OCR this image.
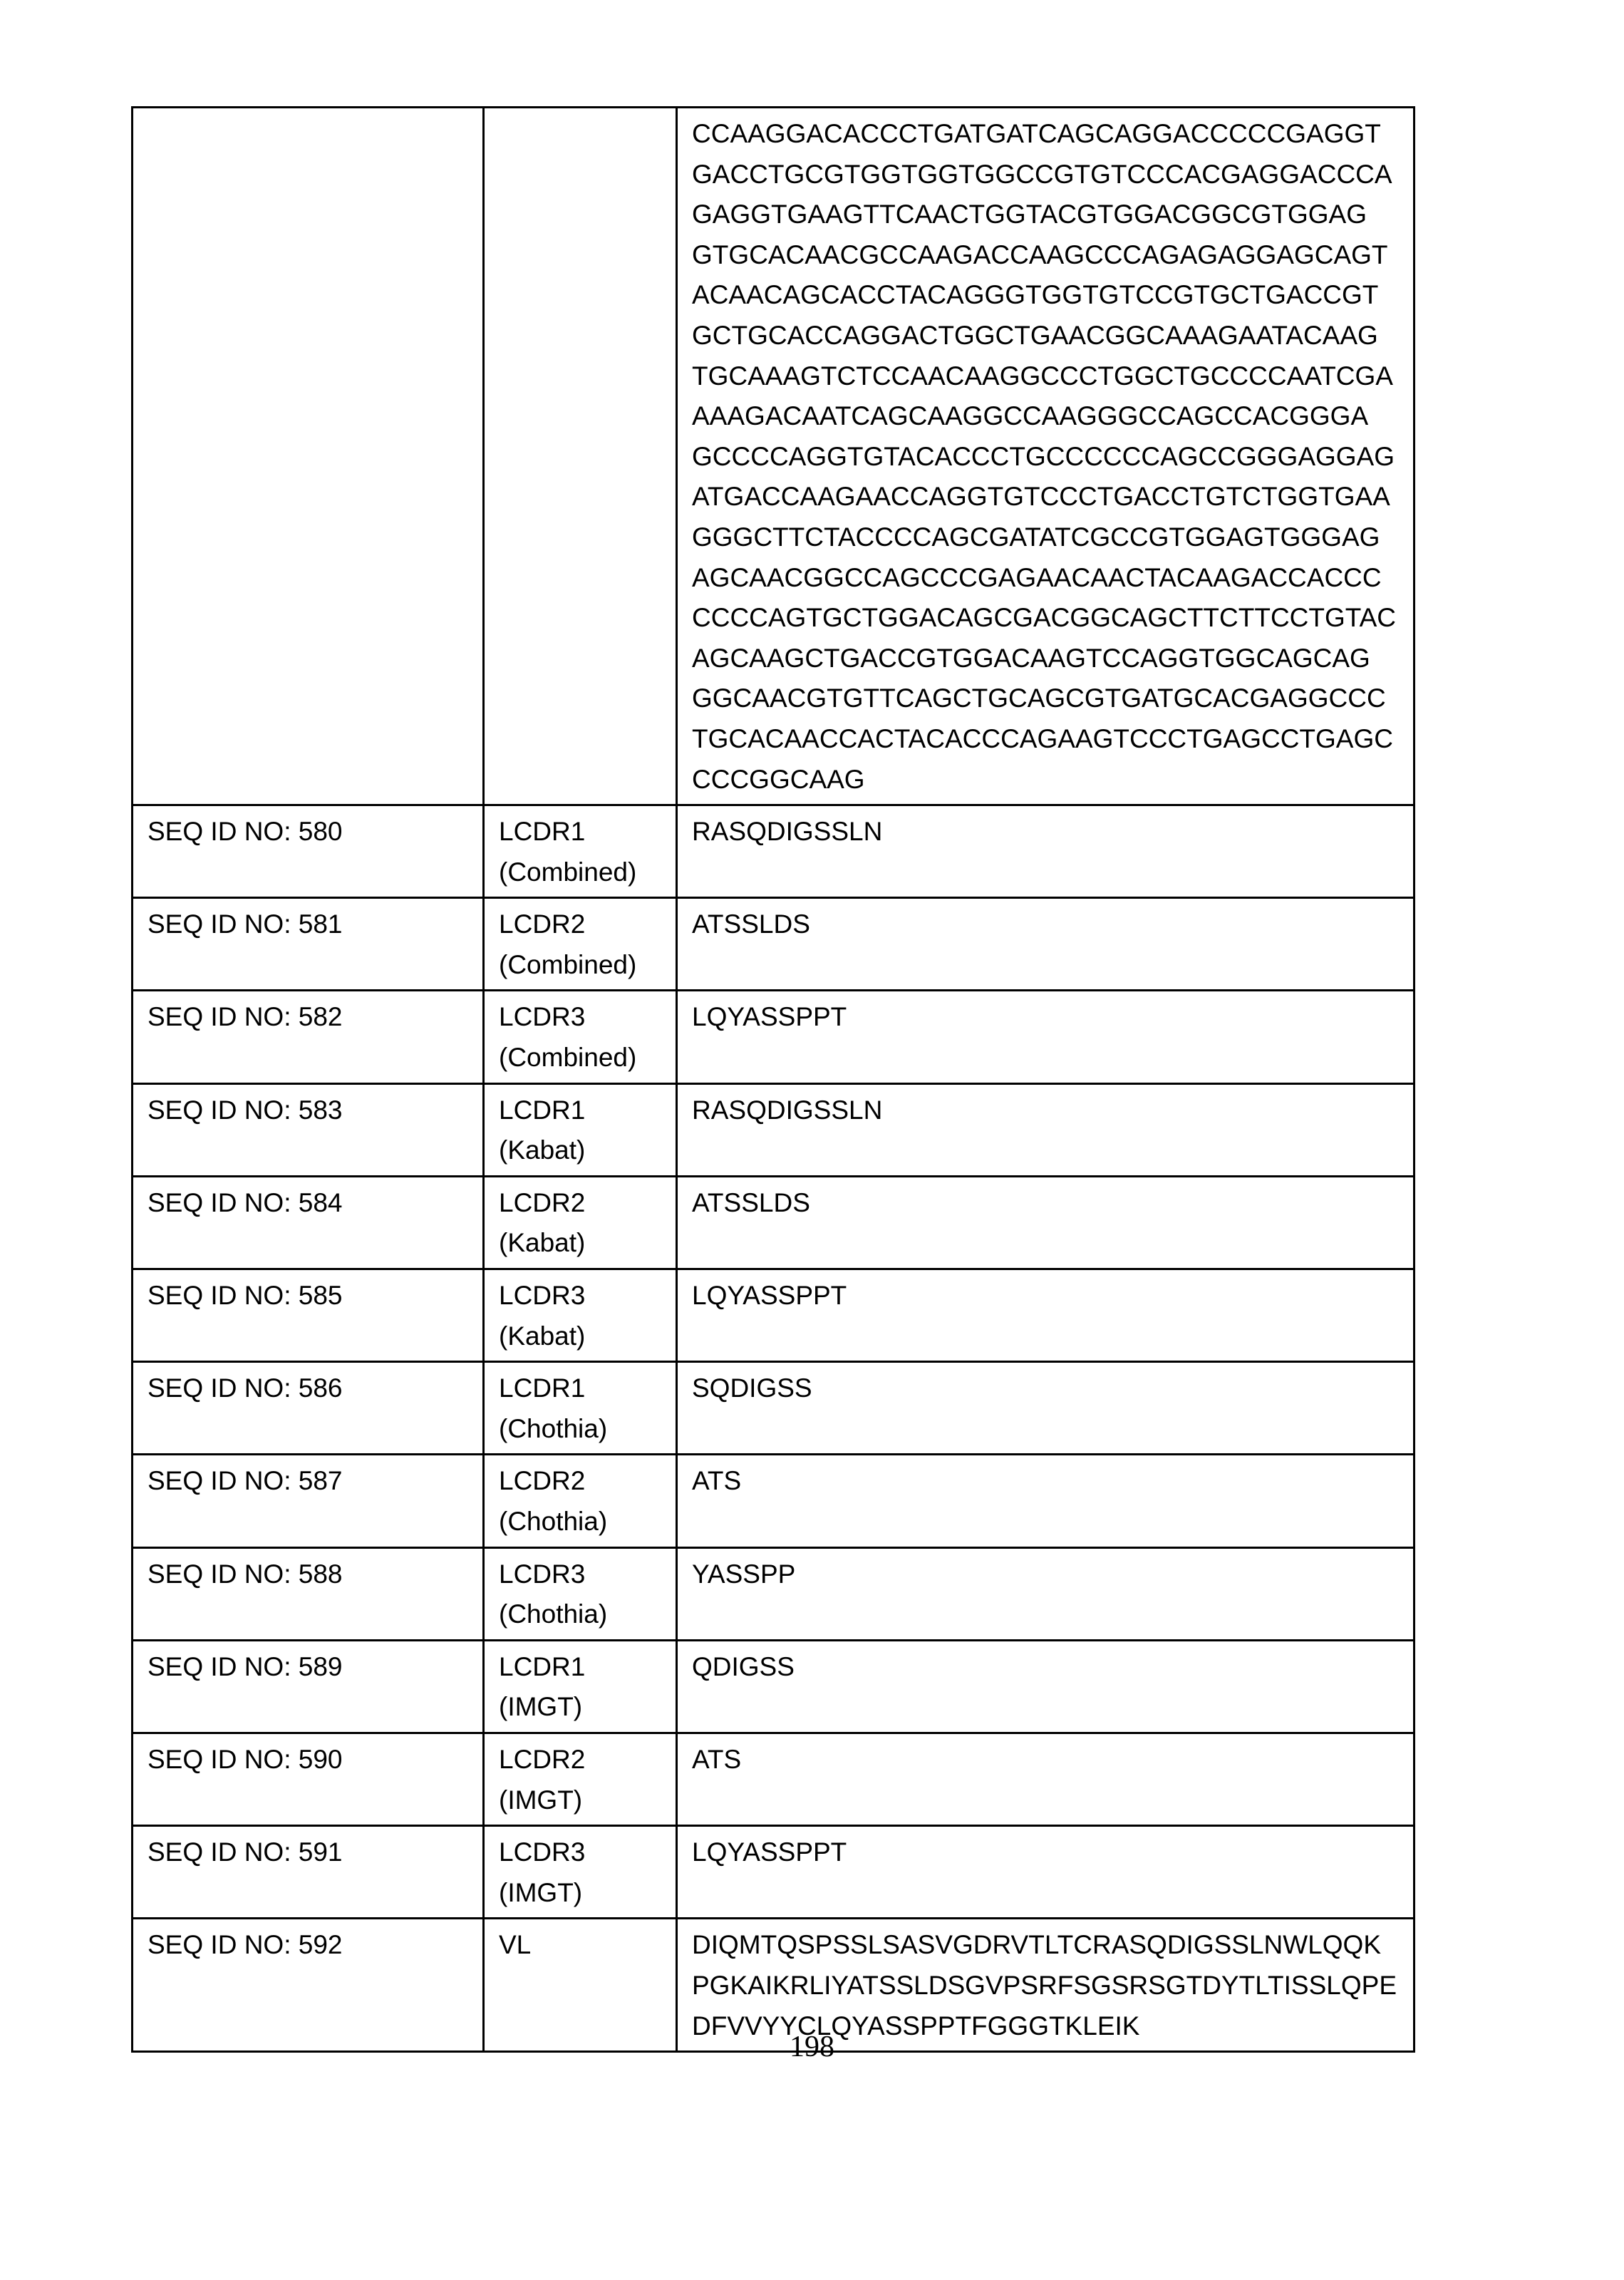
CCAAGGACACCCTGATGATCAGCAGGACCCCCGAGGT
GACCTGCGTGGTGGTGGCCGTGTCCCACGAGGACCCA
GAGGTGAAGTTCAACTGGTACGTGGACGGCGTGGAG
GTGCACAACGCCAAGACCAAGCCCAGAGAGGAGCAGT
ACAACAGCACCTACAGGGTGGTGTCCGTGCTGACCGT
GCTGCACCAGGACTGGCTGAACGGCAAAGAATACAAG
TGCAAAGTCTCCAACAAGGCCCTGGCTGCCCCAATCGA
AAAGACAATCAGCAAGGCCAAGGGCCAGCCACGGGA
GCCCCAGGTGTACACCCTGCCCCCCAGCCGGGAGGAG
ATGACCAAGAACCAGGTGTCCCTGACCTGTCTGGTGAA
GGGCTTCTACCCCAGCGATATCGCCGTGGAGTGGGAG
AGCAACGGCCAGCCCGAGAACAACTACAAGACCACCC
CCCCAGTGCTGGACAGCGACGGCAGCTTCTTCCTGTAC
AGCAAGCTGACCGTGGACAAGTCCAGGTGGCAGCAG
GGCAACGTGTTCAGCTGCAGCGTGATGCACGAGGCCC
TGCACAACCACTACACCCAGAAGTCCCTGAGCCTGAGC
CCCGGCAAG

SEQ ID NO: 580	LCDR1
(Combined)

RASQDIGSSLN

SEQ ID NO: 581	LCDR2
(Combined)

ATSSLDS

SEQ ID NO: 582	LCDR3
(Combined)

LQYASSPPT

SEQ ID NO: 583	LCDR1
(Kabat)

RASQDIGSSLN

SEQ ID NO: 584	LCDR2
(Kabat)

ATSSLDS

SEQ ID NO: 585	LCDR3
(Kabat)

LQYASSPPT

SEQ ID NO: 586	LCDR1
(Chothia)

SQDIGSS

SEQ ID NO: 587	LCDR2
(Chothia)

ATS

SEQ ID NO: 588	LCDR3
(Chothia)

YASSPP

SEQ ID NO: 589	LCDR1
(IMGT)

QDIGSS

SEQ ID NO: 590	LCDR2
(IMGT)

ATS

SEQ ID NO: 591	LCDR3
(IMGT)

LQYASSPPT

SEQ ID NO: 592	VL	DIQMTQSPSSLSASVGDRVTLTCRASQDIGSSLNWLQQK
PGKAIKRLIYATSSLDSGVPSRFSGSRSGTDYTLTISSLQPE
DFVVYYCLQYASSPPTFGGGTKLEIK
198
